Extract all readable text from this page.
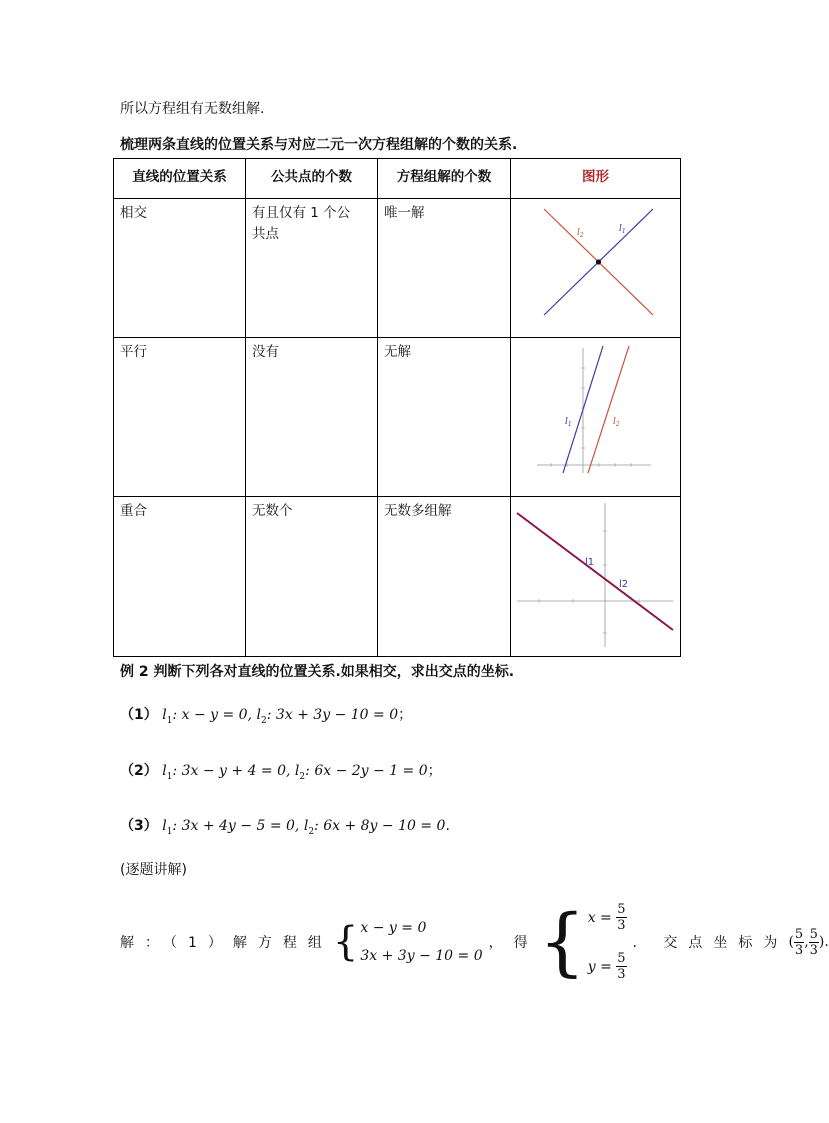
所以方程组有无数组解.
梳理两条直线的位置关系与对应二元一次方程组解的个数的关系.
直线的位置关系	公共点的个数	方程组解的个数	图形

相交	有且仅有 1 个公共点	唯一解	$l_2$
$l_1$

平行	没有	无解	$l_1$ $l_2$

重合	无数个	无数多组解	l1
l2
例 2 判断下列各对直线的位置关系.如果相交，求出交点的坐标.
（1） $l_1$: x − y = 0, $l_2$: 3x + 3y − 10 = 0；
（2） $l_1$: 3x − y + 4 = 0, $l_2$: 6x − 2y − 1 = 0；
（3） $l_1$: 3x + 4y − 5 = 0, $l_2$: 6x + 8y − 10 = 0.
(逐题讲解)
解：（1）解方程组 { x − y = 0
3x + 3y − 10 = 0
，得 { x =
$\frac{5}{3}$
y =
$\frac{5}{3}$
. 交点坐标为 ( $\frac{5}{3}$ , $\frac{5}{3}$ ).
